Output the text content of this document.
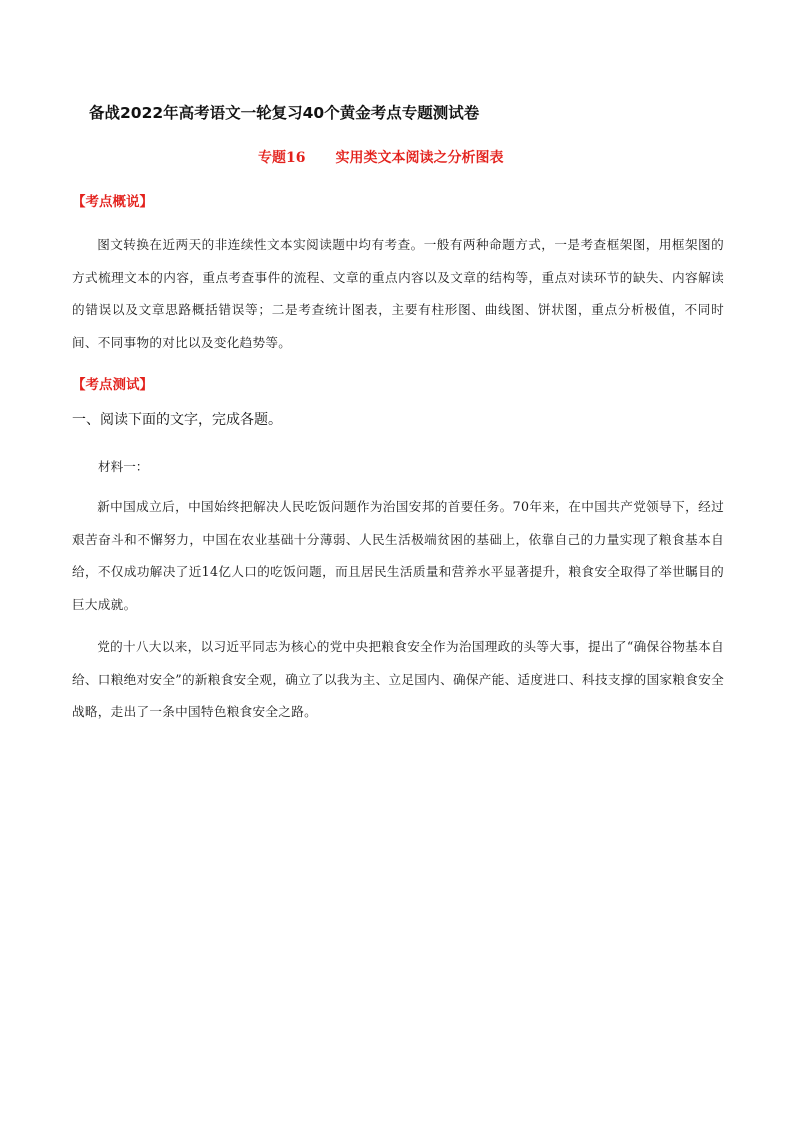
备战2022年高考语文一轮复习40个黄金考点专题测试卷
专题16 实用类文本阅读之分析图表
【考点概说】
图文转换在近两天的非连续性文本实阅读题中均有考查。一般有两种命题方式，一是考查框架图，用框架图的方式梳理文本的内容，重点考查事件的流程、文章的重点内容以及文章的结构等，重点对读环节的缺失、内容解读的错误以及文章思路概括错误等；二是考查统计图表，主要有柱形图、曲线图、饼状图，重点分析极值，不同时间、不同事物的对比以及变化趋势等。
【考点测试】
一、阅读下面的文字，完成各题。
材料一：
新中国成立后，中国始终把解决人民吃饭问题作为治国安邦的首要任务。70年来，在中国共产党领导下，经过艰苦奋斗和不懈努力，中国在农业基础十分薄弱、人民生活极端贫困的基础上，依靠自己的力量实现了粮食基本自给，不仅成功解决了近14亿人口的吃饭问题，而且居民生活质量和营养水平显著提升，粮食安全取得了举世瞩目的巨大成就。
党的十八大以来，以习近平同志为核心的党中央把粮食安全作为治国理政的头等大事，提出了“确保谷物基本自给、口粮绝对安全”的新粮食安全观，确立了以我为主、立足国内、确保产能、适度进口、科技支撑的国家粮食安全战略，走出了一条中国特色粮食安全之路。
